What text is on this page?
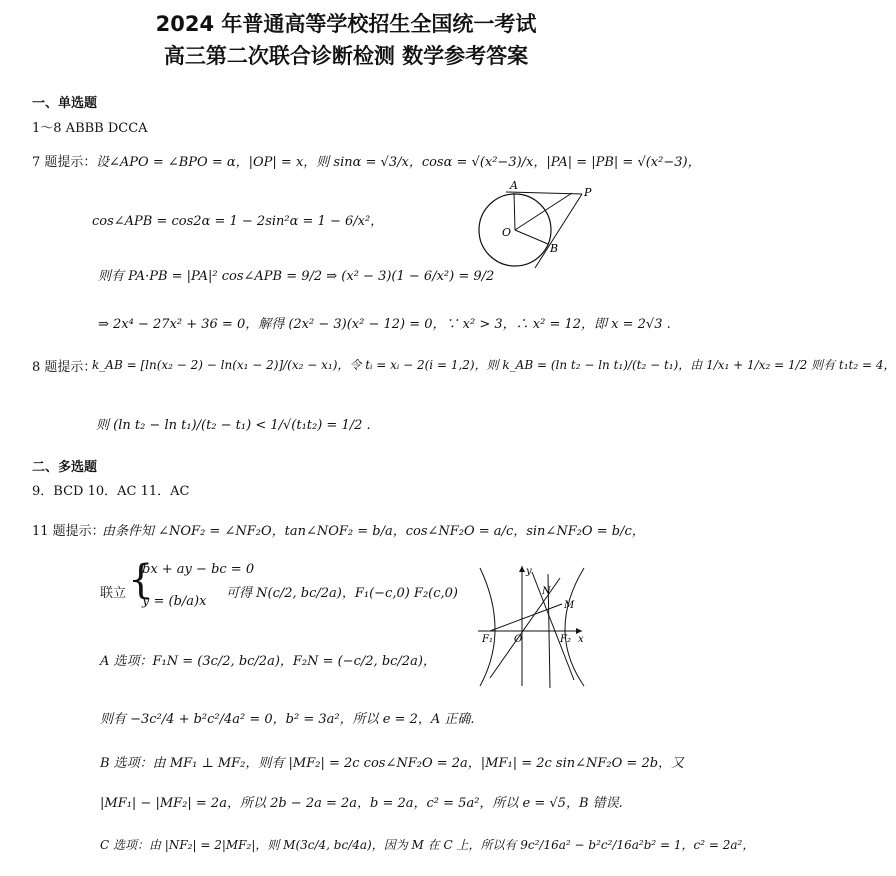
2024 年普通高等学校招生全国统一考试
高三第二次联合诊断检测 数学参考答案
一、单选题
1～8 ABBB DCCA
7 题提示： 设∠APO = ∠BPO = α，|OP| = x，则 sinα = √3/x，cosα = √(x²−3)/x，|PA| = |PB| = √(x²−3)，
cos∠APB = cos2α = 1 − 2sin²α = 1 − 6/x²，
则有 PA·PB = |PA|² cos∠APB = 9/2 ⇒ (x² − 3)(1 − 6/x²) = 9/2
⇒ 2x⁴ − 27x² + 36 = 0，解得 (2x² − 3)(x² − 12) = 0，∵ x² > 3，∴ x² = 12，即 x = 2√3 .
A
P
O
B
8 题提示：
k_AB = [ln(x₂ − 2) − ln(x₁ − 2)]/(x₂ − x₁)，令 tᵢ = xᵢ − 2(i = 1,2)，则 k_AB = (ln t₂ − ln t₁)/(t₂ − t₁)，由 1/x₁ + 1/x₂ = 1/2 则有 t₁t₂ = 4，
则 (ln t₂ − ln t₁)/(t₂ − t₁) < 1/√(t₁t₂) = 1/2 .
二、多选题
9．BCD 10．AC 11．AC
11 题提示：
由条件知 ∠NOF₂ = ∠NF₂O，tan∠NOF₂ = b/a，cos∠NF₂O = a/c，sin∠NF₂O = b/c，
联立 {
bx + ay − bc = 0
y = (b/a)x
可得 N(c/2, bc/2a)，F₁(−c,0) F₂(c,0)
A 选项：F₁N = (3c/2, bc/2a)，F₂N = (−c/2, bc/2a)，
则有 −3c²/4 + b²c²/4a² = 0，b² = 3a²，所以 e = 2，A 正确.
B 选项：由 MF₁ ⊥ MF₂，则有 |MF₂| = 2c cos∠NF₂O = 2a，|MF₁| = 2c sin∠NF₂O = 2b，又
|MF₁| − |MF₂| = 2a，所以 2b − 2a = 2a，b = 2a，c² = 5a²，所以 e = √5，B 错误.
C 选项：由 |NF₂| = 2|MF₂|，则 M(3c/4, bc/4a)，因为 M 在 C 上，所以有 9c²/16a² − b²c²/16a²b² = 1，c² = 2a²，
y
N
M
F₁ O	F₂ x
